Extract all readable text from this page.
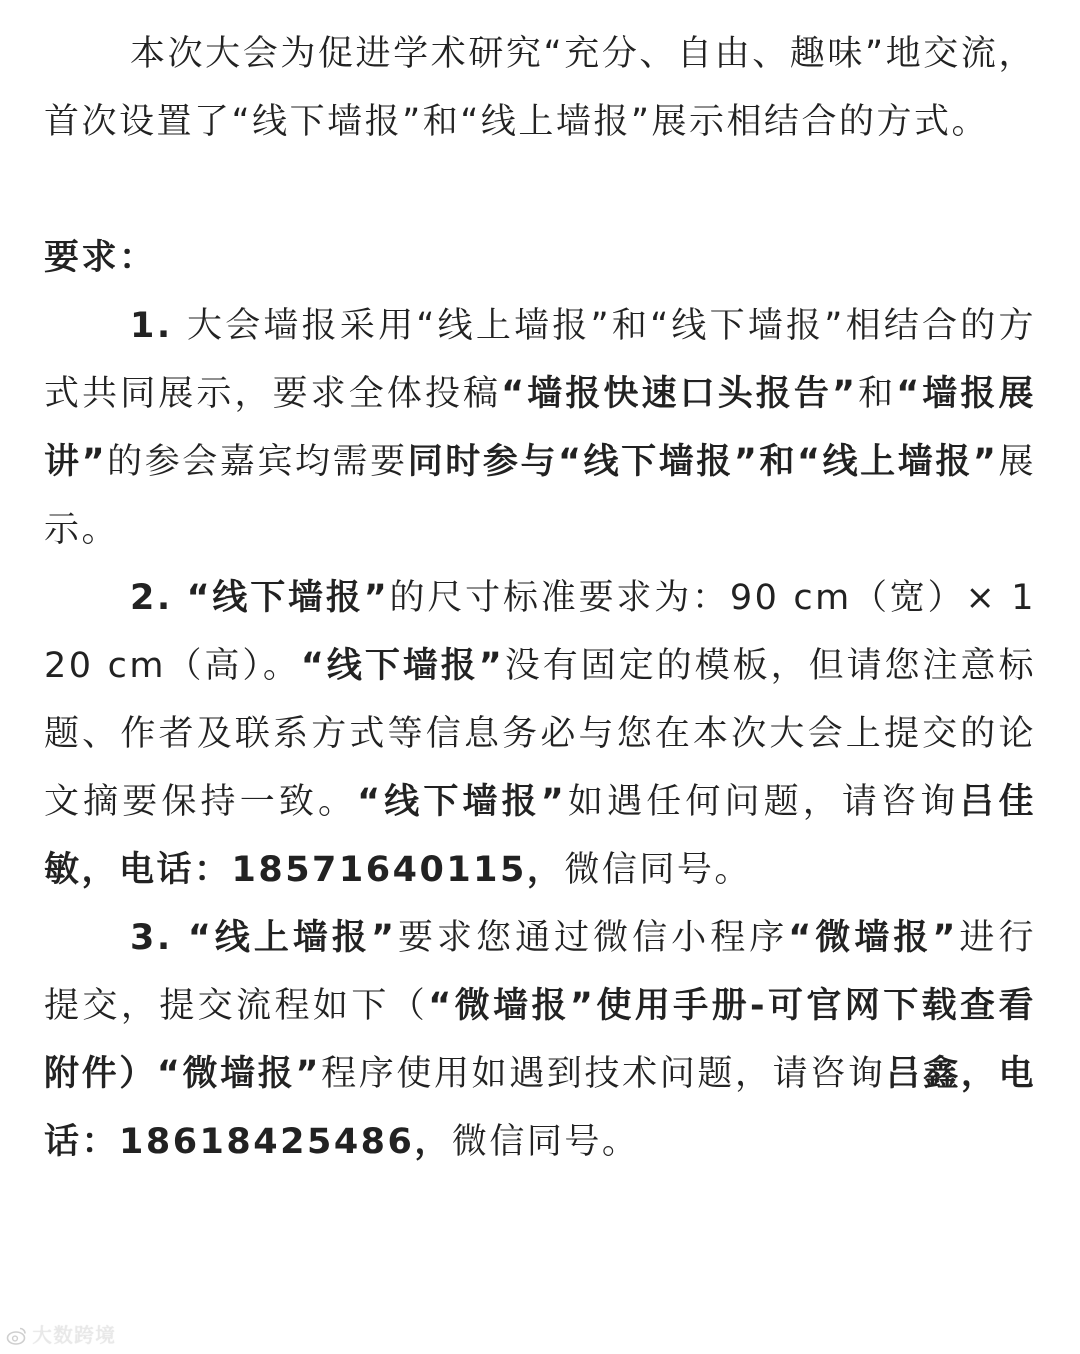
本次大会为促进学术研究“充分、自由、趣味”地交流，首次设置了“线下墙报”和“线上墙报”展示相结合的方式。

要求：

1. 大会墙报采用“线上墙报”和“线下墙报”相结合的方式共同展示，要求全体投稿“墙报快速口头报告”和“墙报展讲”的参会嘉宾均需要同时参与“线下墙报”和“线上墙报”展示。

2. “线下墙报”的尺寸标准要求为：90 cm（宽）× 120 cm（高）。“线下墙报”没有固定的模板，但请您注意标题、作者及联系方式等信息务必与您在本次大会上提交的论文摘要保持一致。“线下墙报”如遇任何问题，请咨询吕佳敏，电话：18571640115，微信同号。

3. “线上墙报”要求您通过微信小程序“微墙报”进行提交，提交流程如下（“微墙报”使用手册-可官网下载查看附件）“微墙报”程序使用如遇到技术问题，请咨询吕鑫，电话：18618425486，微信同号。

大数跨境
